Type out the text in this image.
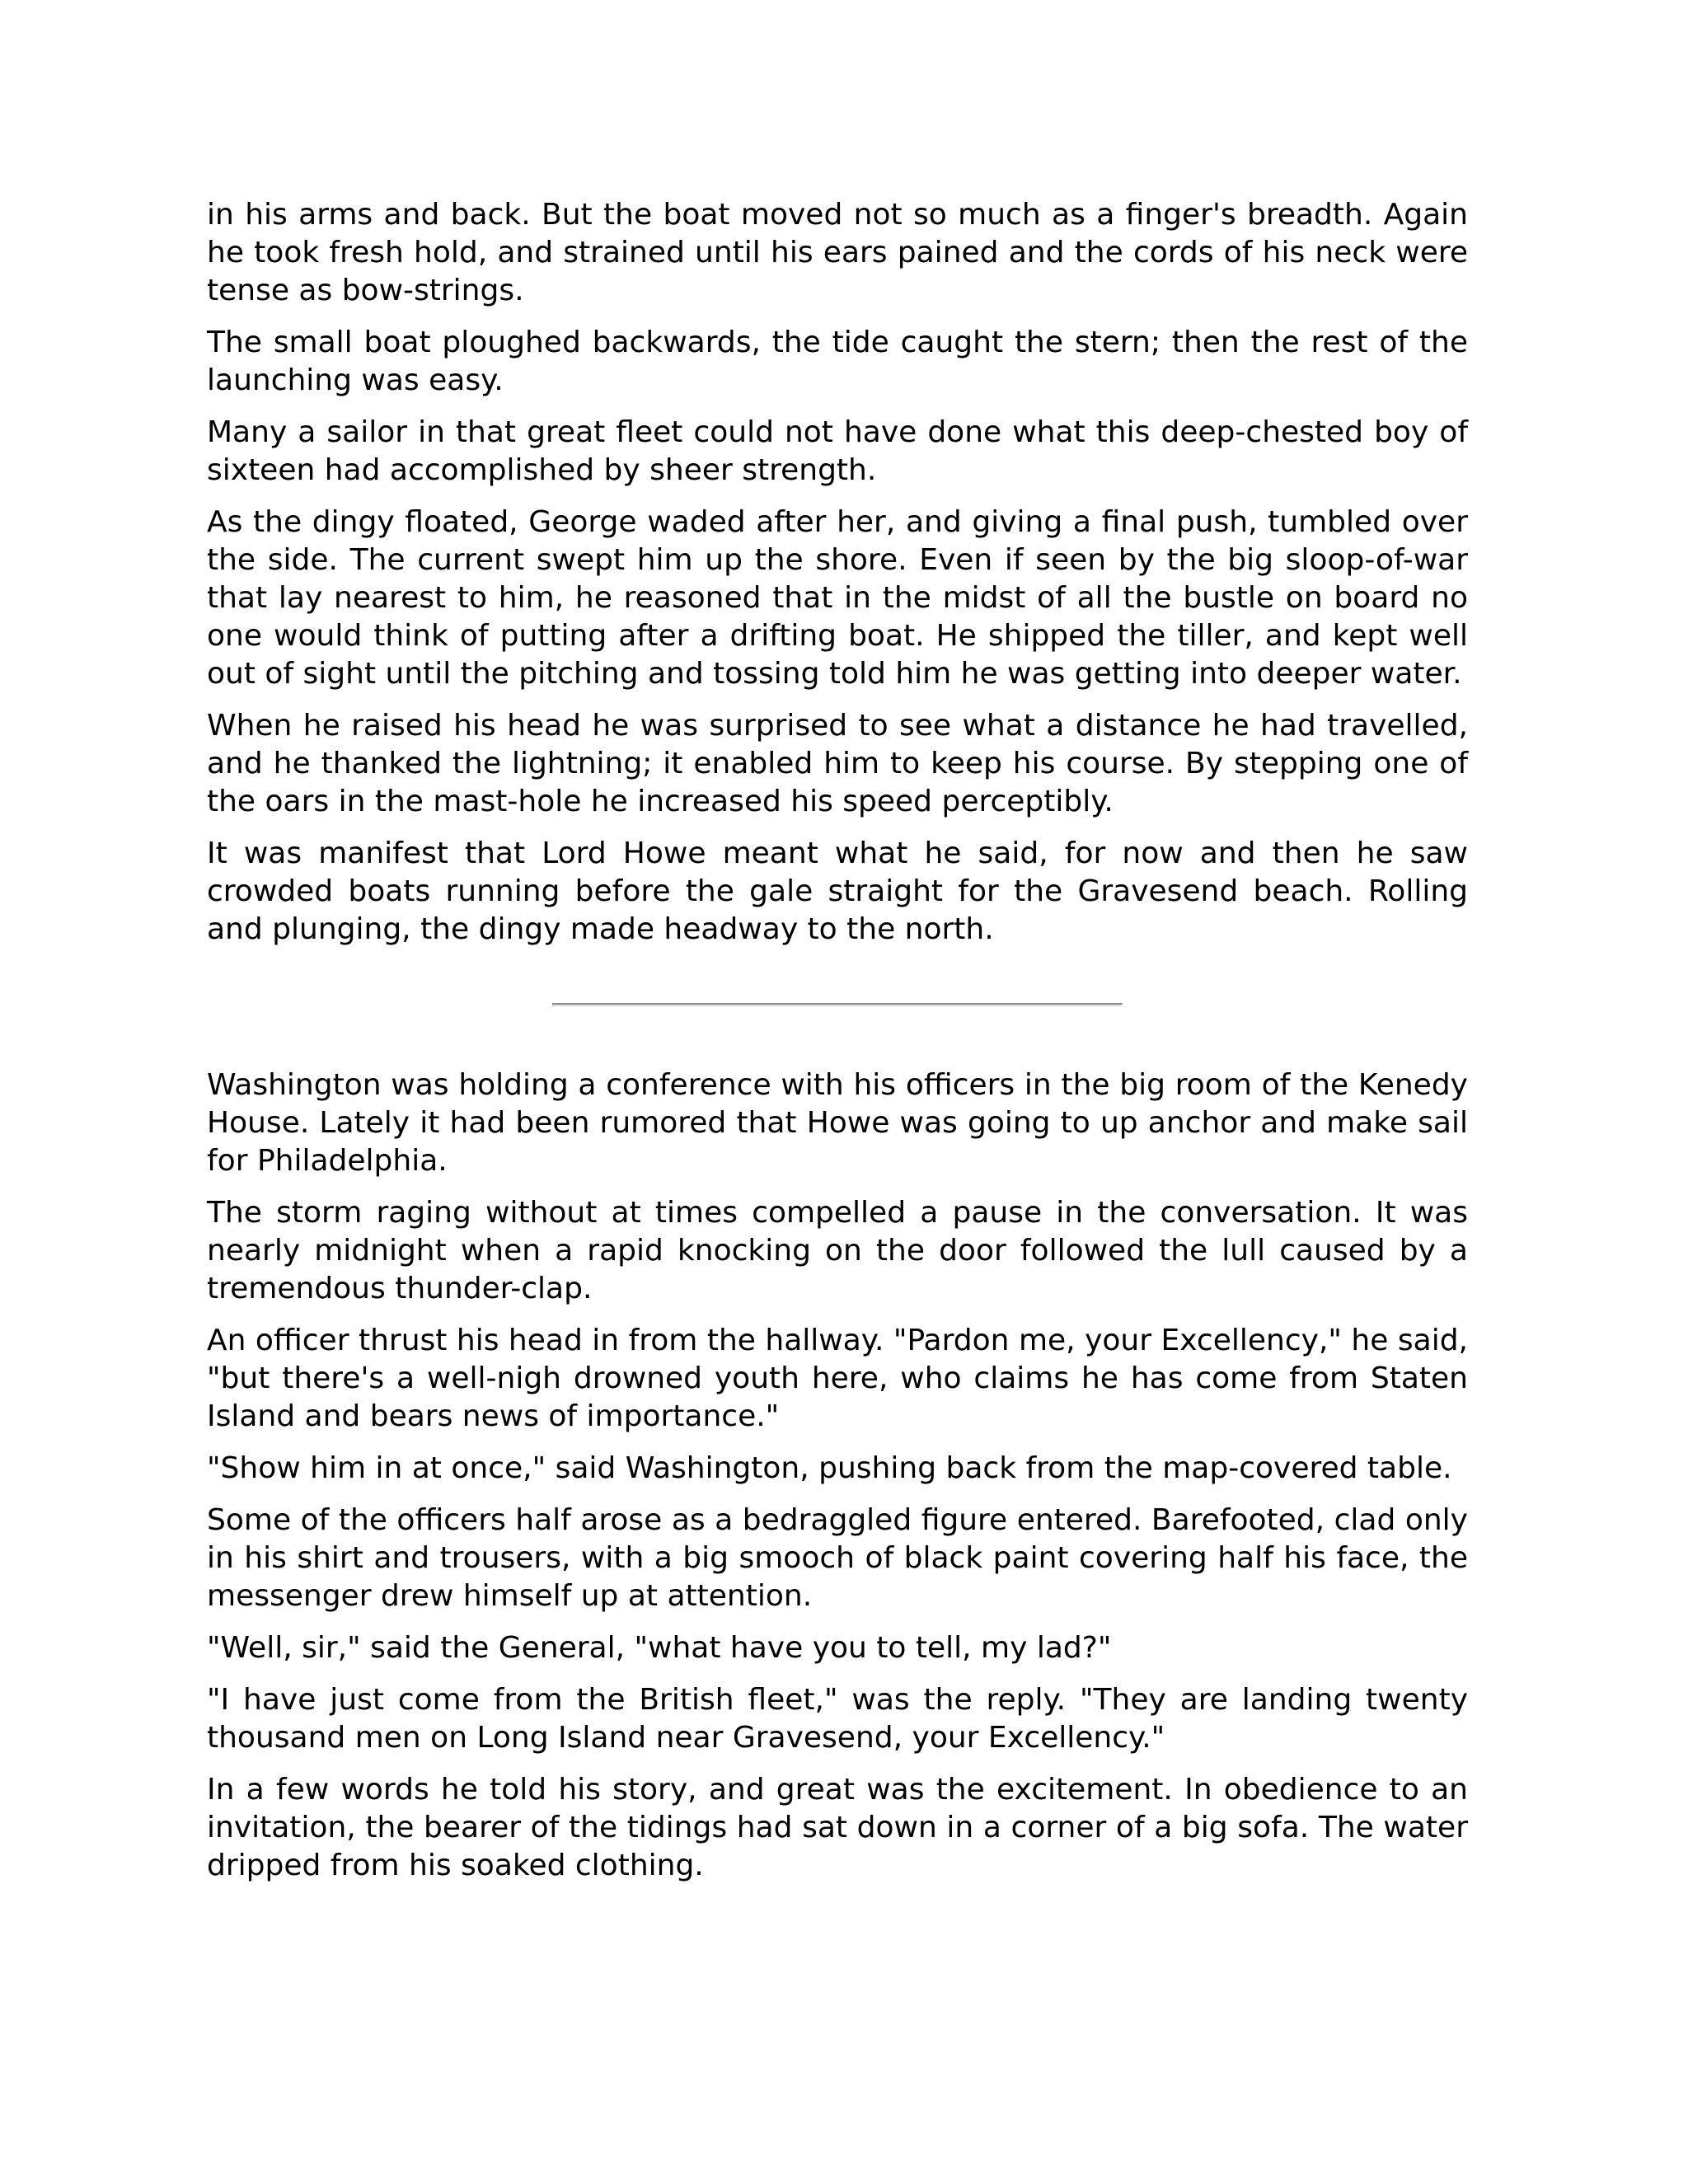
in his arms and back. But the boat moved not so much as a finger's breadth. Again he took fresh hold, and strained until his ears pained and the cords of his neck were tense as bow-strings.

The small boat ploughed backwards, the tide caught the stern; then the rest of the launching was easy.

Many a sailor in that great fleet could not have done what this deep-chested boy of sixteen had accomplished by sheer strength.

As the dingy floated, George waded after her, and giving a final push, tumbled over the side. The current swept him up the shore. Even if seen by the big sloop-of-war that lay nearest to him, he reasoned that in the midst of all the bustle on board no one would think of putting after a drifting boat. He shipped the tiller, and kept well out of sight until the pitching and tossing told him he was getting into deeper water.

When he raised his head he was surprised to see what a distance he had travelled, and he thanked the lightning; it enabled him to keep his course. By stepping one of the oars in the mast-hole he increased his speed perceptibly.

It was manifest that Lord Howe meant what he said, for now and then he saw crowded boats running before the gale straight for the Gravesend beach. Rolling and plunging, the dingy made headway to the north.

Washington was holding a conference with his officers in the big room of the Kenedy House. Lately it had been rumored that Howe was going to up anchor and make sail for Philadelphia.

The storm raging without at times compelled a pause in the conversation. It was nearly midnight when a rapid knocking on the door followed the lull caused by a tremendous thunder-clap.

An officer thrust his head in from the hallway. "Pardon me, your Excellency," he said, "but there's a well-nigh drowned youth here, who claims he has come from Staten Island and bears news of importance."

"Show him in at once," said Washington, pushing back from the map-covered table.

Some of the officers half arose as a bedraggled figure entered. Barefooted, clad only in his shirt and trousers, with a big smooch of black paint covering half his face, the messenger drew himself up at attention.

"Well, sir," said the General, "what have you to tell, my lad?"

"I have just come from the British fleet," was the reply. "They are landing twenty thousand men on Long Island near Gravesend, your Excellency."

In a few words he told his story, and great was the excitement. In obedience to an invitation, the bearer of the tidings had sat down in a corner of a big sofa. The water dripped from his soaked clothing.
